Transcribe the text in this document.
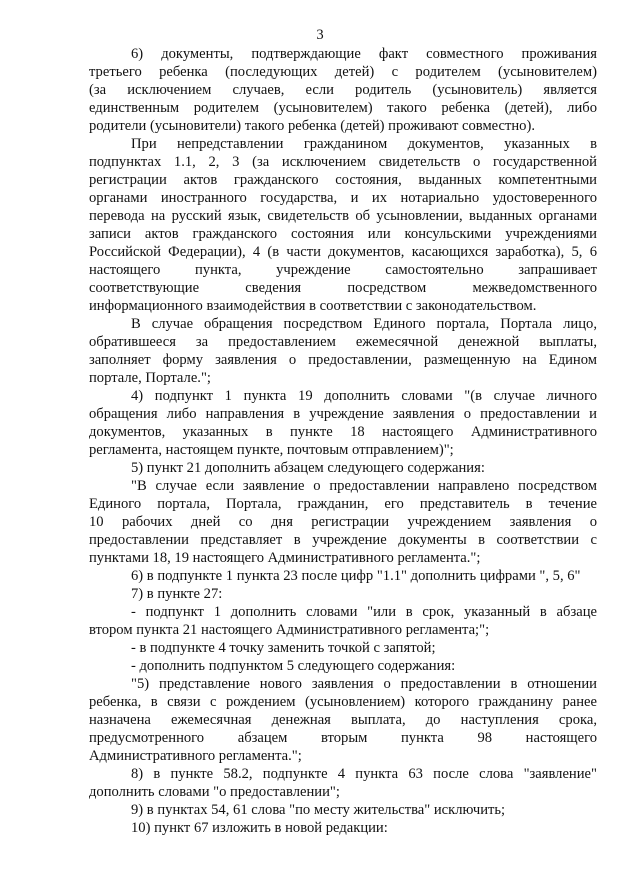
3
6) документы, подтверждающие факт совместного проживания
третьего ребенка (последующих детей) с родителем (усыновителем)
(за исключением случаев, если родитель (усыновитель) является
единственным родителем (усыновителем) такого ребенка (детей), либо
родители (усыновители) такого ребенка (детей) проживают совместно).
При непредставлении гражданином документов, указанных в
подпунктах 1.1, 2, 3 (за исключением свидетельств о государственной
регистрации актов гражданского состояния, выданных компетентными
органами иностранного государства, и их нотариально удостоверенного
перевода на русский язык, свидетельств об усыновлении, выданных органами
записи актов гражданского состояния или консульскими учреждениями
Российской Федерации), 4 (в части документов, касающихся заработка), 5, 6
настоящего пункта, учреждение самостоятельно запрашивает
соответствующие сведения посредством межведомственного
информационного взаимодействия в соответствии с законодательством.
В случае обращения посредством Единого портала, Портала лицо,
обратившееся за предоставлением ежемесячной денежной выплаты,
заполняет форму заявления о предоставлении, размещенную на Едином
портале, Портале.";
4) подпункт 1 пункта 19 дополнить словами "(в случае личного
обращения либо направления в учреждение заявления о предоставлении и
документов, указанных в пункте 18 настоящего Административного
регламента, настоящем пункте, почтовым отправлением)";
5) пункт 21 дополнить абзацем следующего содержания:
"В случае если заявление о предоставлении направлено посредством
Единого портала, Портала, гражданин, его представитель в течение
10 рабочих дней со дня регистрации учреждением заявления о
предоставлении представляет в учреждение документы в соответствии с
пунктами 18, 19 настоящего Административного регламента.";
6) в подпункте 1 пункта 23 после цифр "1.1" дополнить цифрами ", 5, 6"
7) в пункте 27:
- подпункт 1 дополнить словами "или в срок, указанный в абзаце
втором пункта 21 настоящего Административного регламента;";
- в подпункте 4 точку заменить точкой с запятой;
- дополнить подпунктом 5 следующего содержания:
"5) представление нового заявления о предоставлении в отношении
ребенка, в связи с рождением (усыновлением) которого гражданину ранее
назначена ежемесячная денежная выплата, до наступления срока,
предусмотренного абзацем вторым пункта 98 настоящего
Административного регламента.";
8) в пункте 58.2, подпункте 4 пункта 63 после слова "заявление"
дополнить словами "о предоставлении";
9) в пунктах 54, 61 слова "по месту жительства" исключить;
10) пункт 67 изложить в новой редакции:
